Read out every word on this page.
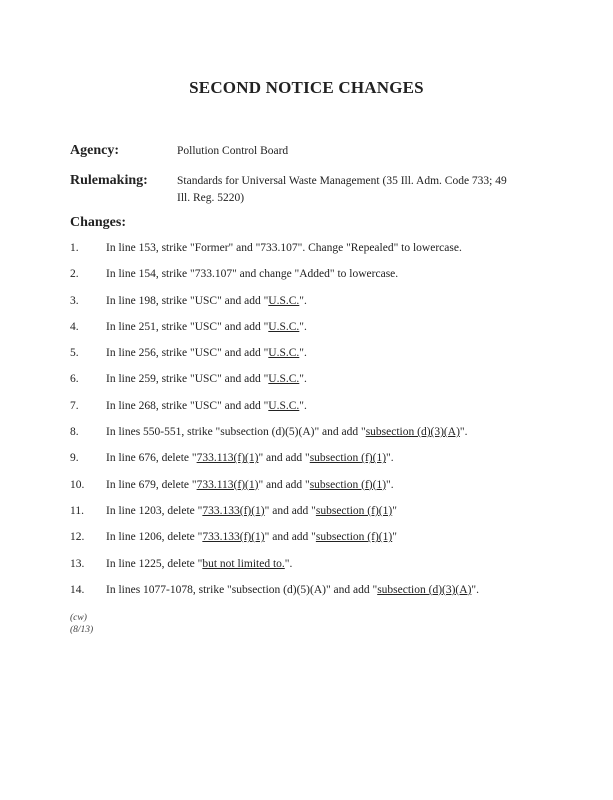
SECOND NOTICE CHANGES
Agency:	Pollution Control Board
Rulemaking:	Standards for Universal Waste Management (35 Ill. Adm. Code 733; 49
Ill. Reg. 5220)
Changes:
1. In line 153, strike "Former" and "733.107". Change "Repealed" to lowercase.
2. In line 154, strike "733.107" and change "Added" to lowercase.
3. In line 198, strike "USC" and add "U.S.C.".
4. In line 251, strike "USC" and add "U.S.C.".
5. In line 256, strike "USC" and add "U.S.C.".
6. In line 259, strike "USC" and add "U.S.C.".
7. In line 268, strike "USC" and add "U.S.C.".
8. In lines 550-551, strike "subsection (d)(5)(A)" and add "subsection (d)(3)(A)".
9. In line 676, delete "733.113(f)(1)" and add "subsection (f)(1)".
10. In line 679, delete "733.113(f)(1)" and add "subsection (f)(1)".
11. In line 1203, delete "733.133(f)(1)" and add "subsection (f)(1)"
12. In line 1206, delete "733.133(f)(1)" and add "subsection (f)(1)"
13. In line 1225, delete "but not limited to.".
14. In lines 1077-1078, strike "subsection (d)(5)(A)" and add "subsection (d)(3)(A)".
(cw)
(8/13)
